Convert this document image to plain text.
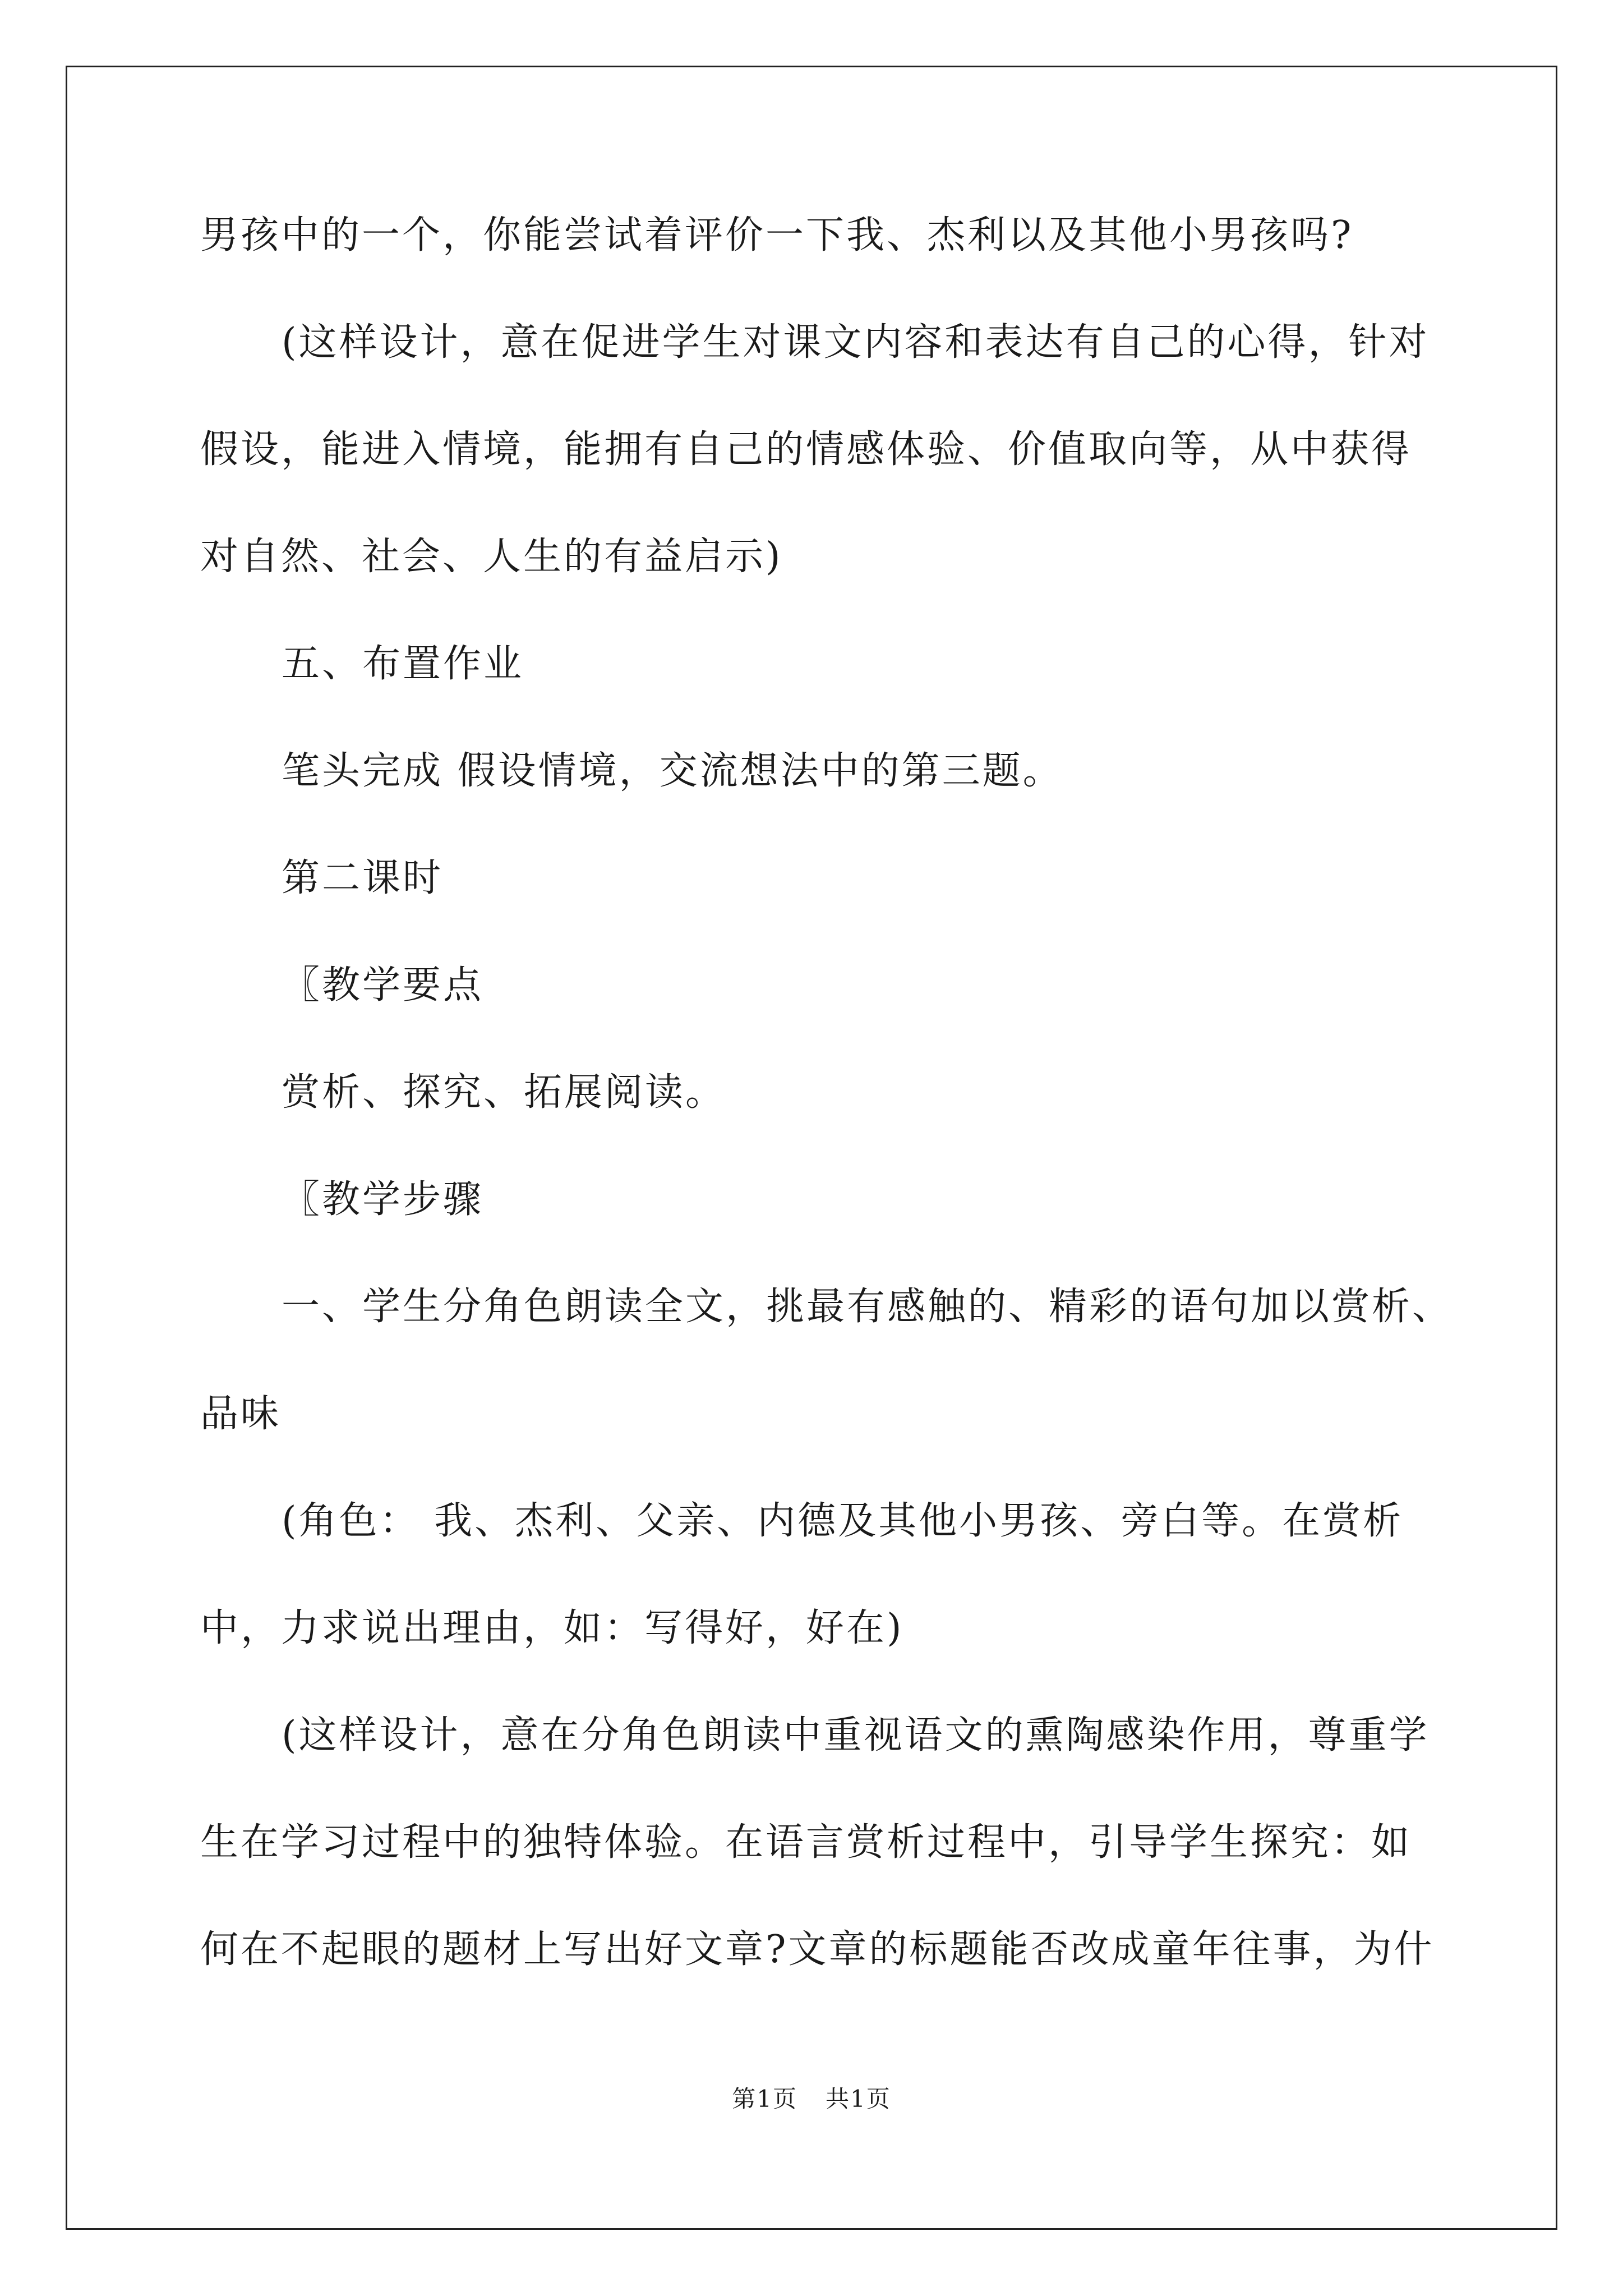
男孩中的一个，你能尝试着评价一下我、杰利以及其他小男孩吗?
(这样设计，意在促进学生对课文内容和表达有自己的心得，针对
假设，能进入情境，能拥有自己的情感体验、价值取向等，从中获得
对自然、社会、人生的有益启示)
五、布置作业
笔头完成 假设情境，交流想法中的第三题。
第二课时
〖教学要点
赏析、探究、拓展阅读。
〖教学步骤
一、学生分角色朗读全文，挑最有感触的、精彩的语句加以赏析、
品味
(角色： 我、杰利、父亲、内德及其他小男孩、旁白等。在赏析
中，力求说出理由，如：写得好，好在)
(这样设计，意在分角色朗读中重视语文的熏陶感染作用，尊重学
生在学习过程中的独特体验。在语言赏析过程中，引导学生探究：如
何在不起眼的题材上写出好文章?文章的标题能否改成童年往事，为什
第1页 共1页
